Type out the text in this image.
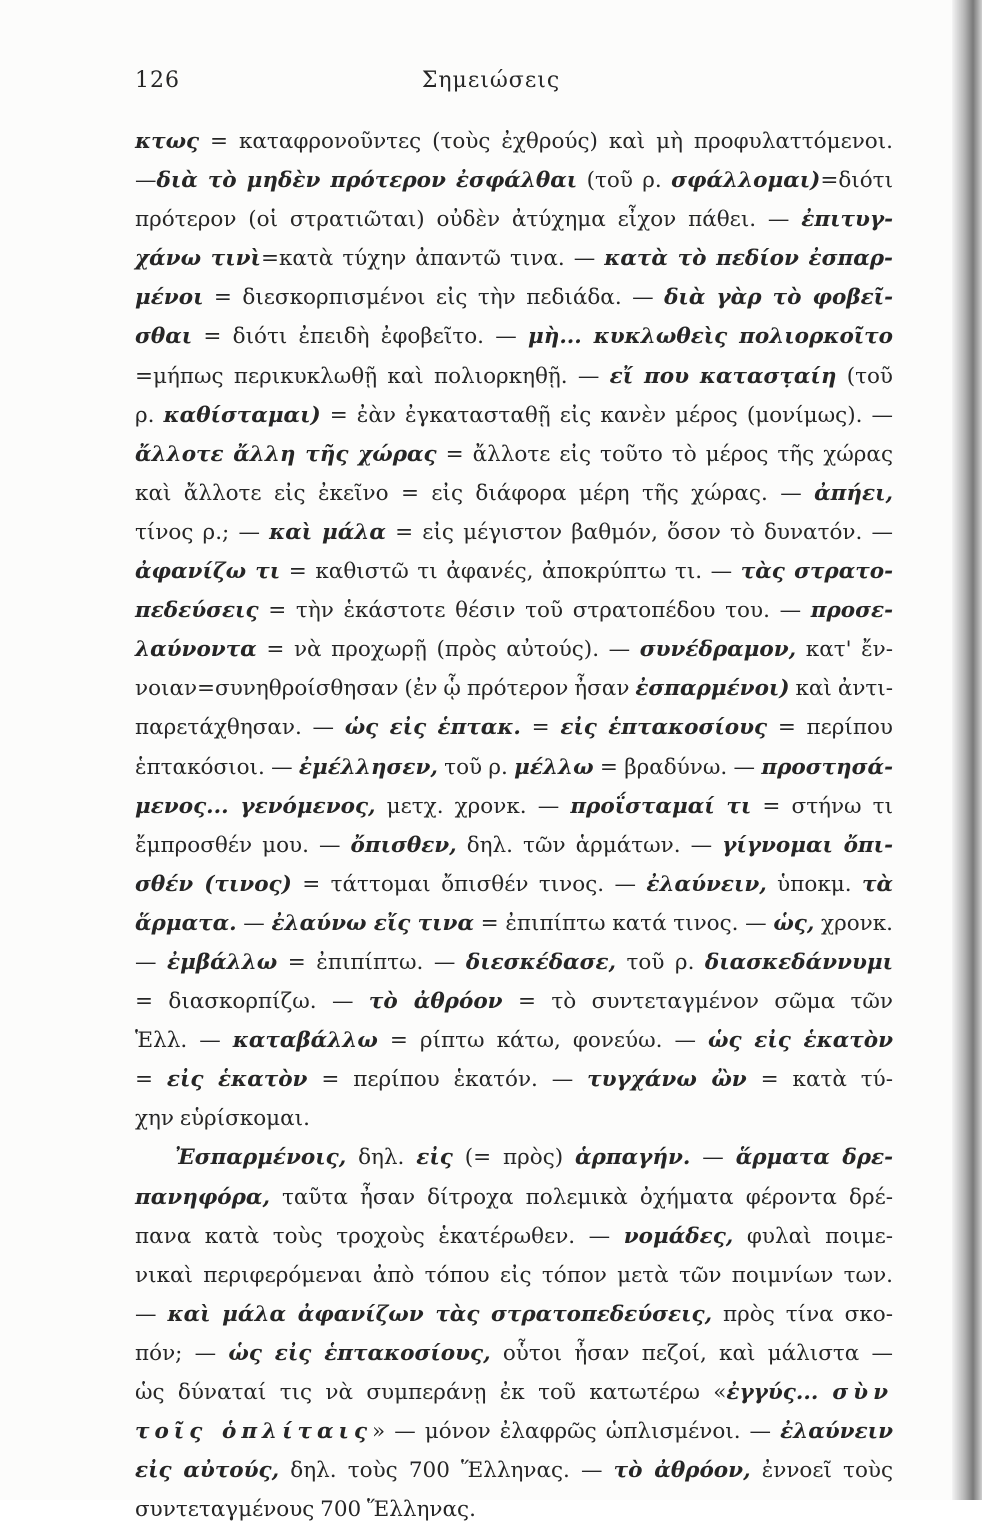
126	Σημειώσεις
κτως = καταφρονοῦντες (τοὺς ἐχθρούς) καὶ μὴ προφυλαττόμενοι.
—διὰ τὸ μηδὲν πρότερον ἐσφάλθαι (τοῦ ρ. σφάλλομαι)=διότι
πρότερον (οἱ στρατιῶται) οὐδὲν ἀτύχημα εἶχον πάθει. — ἐπιτυγ-
χάνω τινὶ=κατὰ τύχην ἀπαντῶ τινα. — κατὰ τὸ πεδίον ἐσπαρ-
μένοι = διεσκορπισμένοι εἰς τὴν πεδιάδα. — διὰ γὰρ τὸ φοβεῖ-
σθαι = διότι ἐπειδὴ ἐφοβεῖτο. — μὴ... κυκλωθεὶς πολιορκοῖτο
=μήπως περικυκλωθῇ καὶ πολιορκηθῇ. — εἴ που καταστ̣αίη (τοῦ
ρ. καθίσταμαι) = ἐὰν ἐγκατασταθῇ εἰς κανὲν μέρος (μονίμως). —
ἄλλοτε ἄλλη τῆς χώρας = ἄλλοτε εἰς τοῦτο τὸ μέρος τῆς χώρας
καὶ ἄλλοτε εἰς ἐκεῖνο = εἰς διάφορα μέρη τῆς χώρας. — ἀπήει,
τίνος ρ.; — καὶ μάλα = εἰς μέγιστον βαθμόν, ὅσον τὸ δυνατόν. —
ἀφανίζω τι = καθιστῶ τι ἀφανές, ἀποκρύπτω τι. — τὰς στρατο-
πεδεύσεις = τὴν ἑκάστοτε θέσιν τοῦ στρατοπέδου του. — προσε-
λαύνοντα = νὰ προχωρῇ (πρὸς αὐτούς). — συνέδραμον, κατ' ἔν-
νοιαν=συνηθροίσθησαν (ἐν ᾧ πρότερον ἦσαν ἐσπαρμένοι) καὶ ἀντι-
παρετάχθησαν. — ὡς εἰς ἑπτακ. = εἰς ἑπτακοσίους = περίπου
ἑπτακόσιοι. — ἐμέλλησεν, τοῦ ρ. μέλλω = βραδύνω. — προστησά-
μενος... γενόμενος, μετχ. χρονκ. — προΐσταμαί τι = στήνω τι
ἔμπροσθέν μου. — ὄπισθεν, δηλ. τῶν ἁρμάτων. — γίγνομαι ὄπι-
σθέν (τινος) = τάττομαι ὄπισθέν τινος. — ἐλαύνειν, ὑποκμ. τὰ
ἅρματα. — ἐλαύνω εἴς τινα = ἐπιπίπτω κατά τινος. — ὡς, χρονκ.
— ἐμβάλλω = ἐπιπίπτω. — διεσκέδασε, τοῦ ρ. διασκεδάννυμι
= διασκορπίζω. — τὸ ἀθρόον = τὸ συντεταγμένον σῶμα τῶν
Ἑλλ. — καταβάλλω = ρίπτω κάτω, φονεύω. — ὡς εἰς ἑκατὸν
= εἰς ἑκατὸν = περίπου ἑκατόν. — τυγχάνω ὢν = κατὰ τύ-
χην εὑρίσκομαι.
Ἐσπαρμένοις, δηλ. εἰς (= πρὸς) ἁρπαγήν. — ἅρματα δρε-
πανηφόρα, ταῦτα ἦσαν δίτροχα πολεμικὰ ὀχήματα φέροντα δρέ-
πανα κατὰ τοὺς τροχοὺς ἑκατέρωθεν. — νομάδες, φυλαὶ ποιμε-
νικαὶ περιφερόμεναι ἀπὸ τόπου εἰς τόπον μετὰ τῶν ποιμνίων των.
— καὶ μάλα ἀφανίζων τὰς στρατοπεδεύσεις, πρὸς τίνα σκο-
πόν; — ὡς εἰς ἑπτακοσίους, οὗτοι ἦσαν πεζοί, καὶ μάλιστα —
ὡς δύναταί τις νὰ συμπεράνῃ ἐκ τοῦ κατωτέρω «ἐγγύς... σὺν
τοῖς ὁπλίταις» — μόνον ἐλαφρῶς ὡπλισμένοι. — ἐλαύνειν
εἰς αὐτούς, δηλ. τοὺς 700 Ἕλληνας. — τὸ ἀθρόον, ἐννοεῖ τοὺς
συντεταγμένους 700 Ἕλληνας.
